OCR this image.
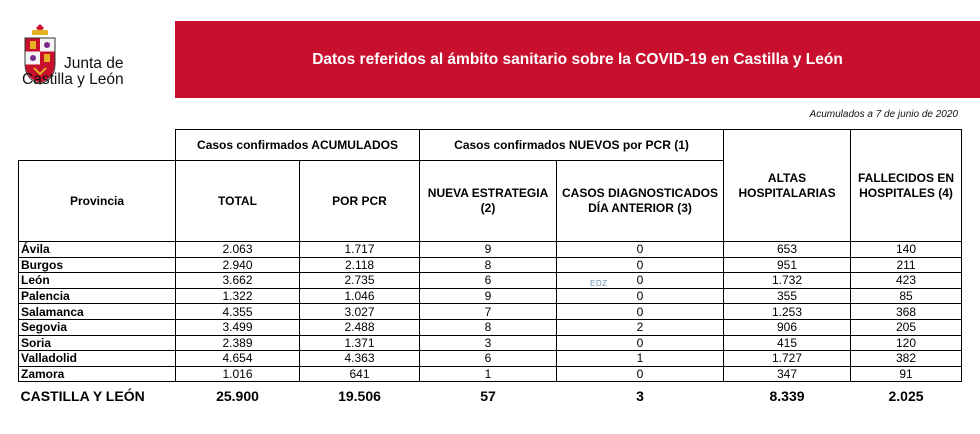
Junta de
Castilla y León
Datos referidos al ámbito sanitario sobre la COVID-19 en Castilla y León
Acumulados a 7 de junio de 2020
	Casos confirmados ACUMULADOS		Casos confirmados NUEVOS por PCR (1)		ALTAS HOSPITALARIAS	FALLECIDOS EN HOSPITALES (4)
Provincia	TOTAL	POR PCR	NUEVA ESTRATEGIA (2)	CASOS DIAGNOSTICADOS DÍA ANTERIOR (3)		
Ávila	2.063	1.717	9	0	653	140
Burgos	2.940	2.118	8	0	951	211
León	3.662	2.735	6	0	1.732	423
Palencia	1.322	1.046	9	0	355	85
Salamanca	4.355	3.027	7	0	1.253	368
Segovia	3.499	2.488	8	2	906	205
Soria	2.389	1.371	3	0	415	120
Valladolid	4.654	4.363	6	1	1.727	382
Zamora	1.016	641	1	0	347	91
CASTILLA Y LEÓN	25.900	19.506	57	3	8.339	2.025
EDZ
